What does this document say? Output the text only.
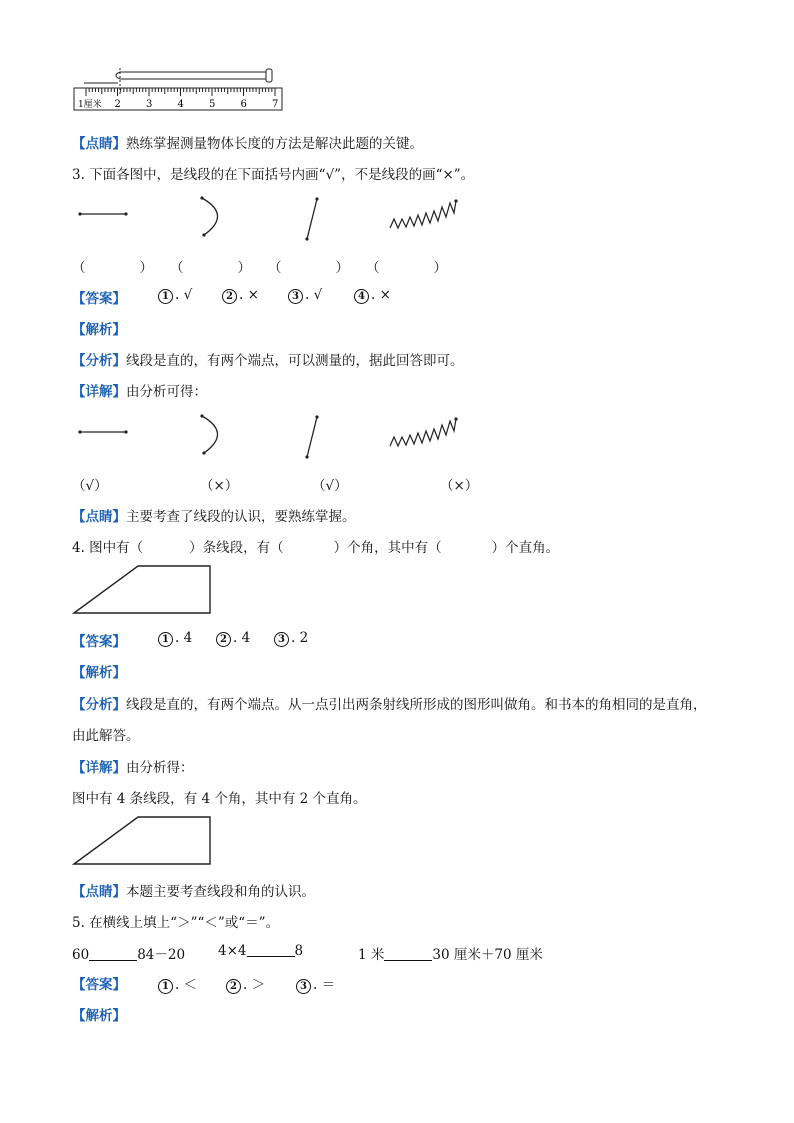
1厘米 2	3	4	5	6	7
【点睛】熟练掌握测量物体长度的方法是解决此题的关键。
3. 下面各图中，是线段的在下面括号内画“√”，不是线段的画“×”。
（　　　　） （　　　　） （　　　　） （　　　　）
【答案】	1 . √	2 . ×	3 . √	4 . ×
【解析】
【分析】线段是直的，有两个端点，可以测量的，据此回答即可。
【详解】由分析可得：
（√）	（×）	（√）	（×）
【点睛】主要考查了线段的认识，要熟练掌握。
4. 图中有（	）条线段，有（	）个角，其中有（	）个直角。
【答案】	1 . 4	2 . 4	3 . 2
【解析】
【分析】线段是直的，有两个端点。从一点引出两条射线所形成的图形叫做角。和书本的角相同的是直角，
由此解答。
【详解】由分析得：
图中有 4 条线段，有 4 个角，其中有 2 个直角。
【点睛】本题主要考查线段和角的认识。
5. 在横线上填上“＞”“＜”或“＝”。
60	84－20 4×4	8	1 米	30 厘米＋70 厘米
【答案】	1 . ＜	2 . ＞	3 . ＝
【解析】
